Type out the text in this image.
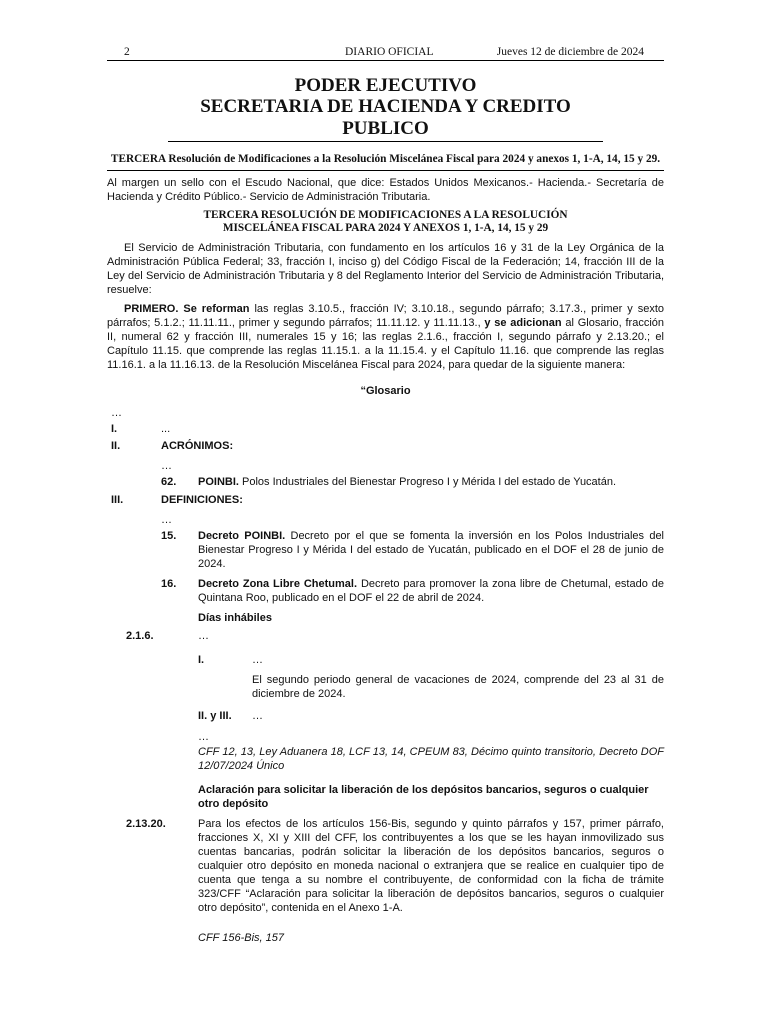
2	DIARIO OFICIAL	Jueves 12 de diciembre de 2024
PODER EJECUTIVO
SECRETARIA DE HACIENDA Y CREDITO PUBLICO
TERCERA Resolución de Modificaciones a la Resolución Miscelánea Fiscal para 2024 y anexos 1, 1-A, 14, 15 y 29.

Al margen un sello con el Escudo Nacional, que dice: Estados Unidos Mexicanos.- Hacienda.- Secretaría de Hacienda y Crédito Público.- Servicio de Administración Tributaria.

TERCERA RESOLUCIÓN DE MODIFICACIONES A LA RESOLUCIÓN
MISCELÁNEA FISCAL PARA 2024 Y ANEXOS 1, 1-A, 14, 15 y 29

El Servicio de Administración Tributaria, con fundamento en los artículos 16 y 31 de la Ley Orgánica de la Administración Pública Federal; 33, fracción I, inciso g) del Código Fiscal de la Federación; 14, fracción III de la Ley del Servicio de Administración Tributaria y 8 del Reglamento Interior del Servicio de Administración Tributaria, resuelve:

PRIMERO. Se reforman las reglas 3.10.5., fracción IV; 3.10.18., segundo párrafo; 3.17.3., primer y sexto párrafos; 5.1.2.; 11.11.11., primer y segundo párrafos; 11.11.12. y 11.11.13., y se adicionan al Glosario, fracción II, numeral 62 y fracción III, numerales 15 y 16; las reglas 2.1.6., fracción I, segundo párrafo y 2.13.20.; el Capítulo 11.15. que comprende las reglas 11.15.1. a la 11.15.4. y el Capítulo 11.16. que comprende las reglas 11.16.1. a la 11.16.13. de la Resolución Miscelánea Fiscal para 2024, para quedar de la siguiente manera:

“Glosario
…
I.	...
II.	ACRÓNIMOS:
…
62. POINBI. Polos Industriales del Bienestar Progreso I y Mérida I del estado de Yucatán.
III.	DEFINICIONES:
…
15. Decreto POINBI. Decreto por el que se fomenta la inversión en los Polos Industriales del Bienestar Progreso I y Mérida I del estado de Yucatán, publicado en el DOF el 28 de junio de 2024.
16. Decreto Zona Libre Chetumal. Decreto para promover la zona libre de Chetumal, estado de Quintana Roo, publicado en el DOF el 22 de abril de 2024.
Días inhábiles
2.1.6.	…
I.	…
El segundo periodo general de vacaciones de 2024, comprende del 23 al 31 de diciembre de 2024.
II. y III. …
…
CFF 12, 13, Ley Aduanera 18, LCF 13, 14, CPEUM 83, Décimo quinto transitorio, Decreto DOF 12/07/2024 Único
Aclaración para solicitar la liberación de los depósitos bancarios, seguros o cualquier otro depósito
2.13.20.	Para los efectos de los artículos 156-Bis, segundo y quinto párrafos y 157, primer párrafo, fracciones X, XI y XIII del CFF, los contribuyentes a los que se les hayan inmovilizado sus cuentas bancarias, podrán solicitar la liberación de los depósitos bancarios, seguros o cualquier otro depósito en moneda nacional o extranjera que se realice en cualquier tipo de cuenta que tenga a su nombre el contribuyente, de conformidad con la ficha de trámite 323/CFF “Aclaración para solicitar la liberación de depósitos bancarios, seguros o cualquier otro depósito”, contenida en el Anexo 1-A.
CFF 156-Bis, 157
